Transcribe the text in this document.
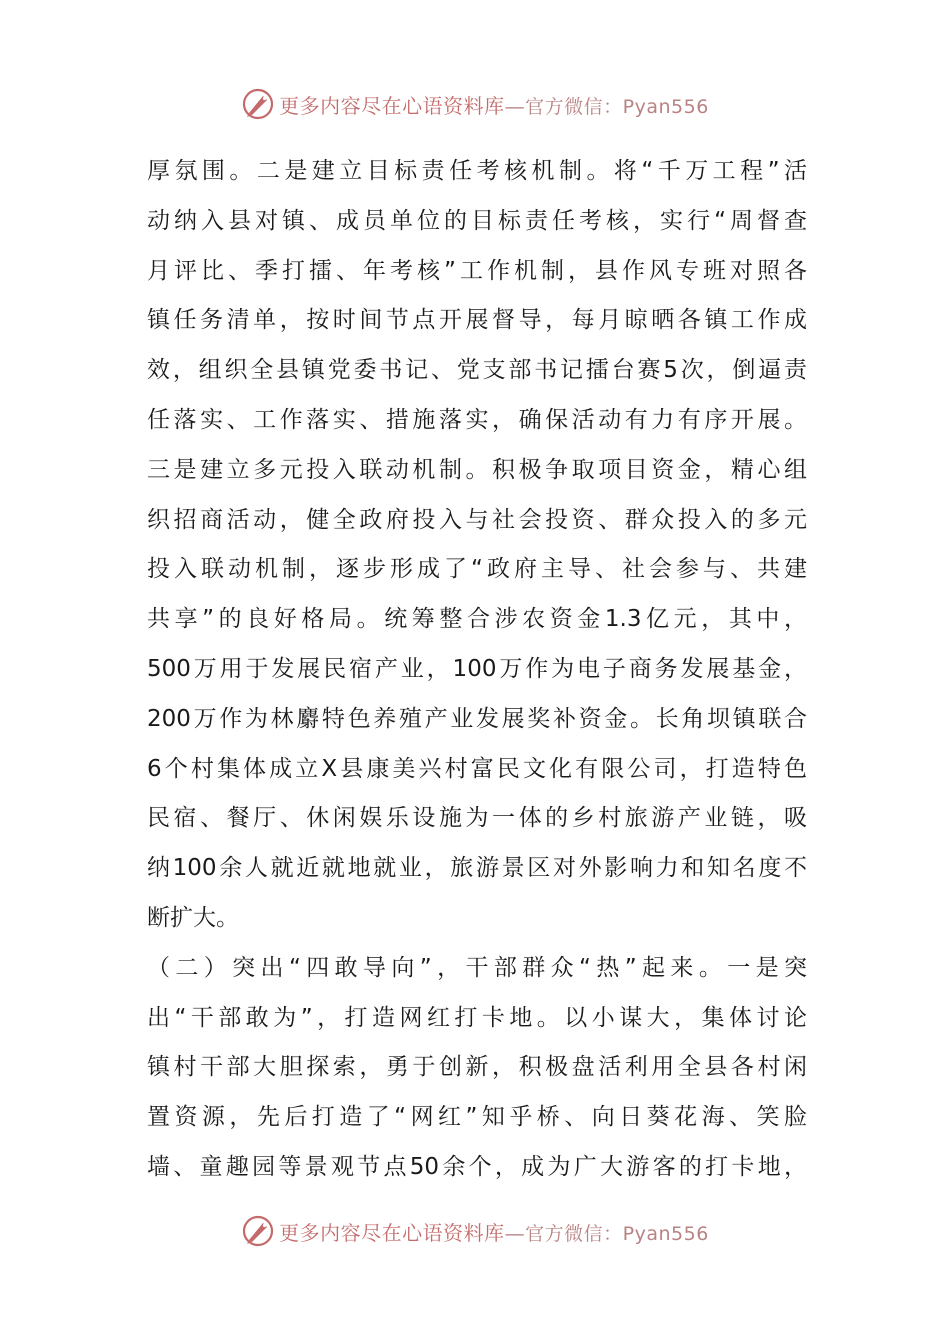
更多内容尽在心语资料库—官方微信：Pyan556
厚氛围。二是建立目标责任考核机制。将“千万工程”活
动纳入县对镇、成员单位的目标责任考核，实行“周督查
月评比、季打擂、年考核”工作机制，县作风专班对照各
镇任务清单，按时间节点开展督导，每月晾晒各镇工作成
效，组织全县镇党委书记、党支部书记擂台赛5次，倒逼责
任落实、工作落实、措施落实，确保活动有力有序开展。
三是建立多元投入联动机制。积极争取项目资金，精心组
织招商活动，健全政府投入与社会投资、群众投入的多元
投入联动机制，逐步形成了“政府主导、社会参与、共建
共享”的良好格局。统筹整合涉农资金1.3亿元，其中，
500万用于发展民宿产业，100万作为电子商务发展基金，
200万作为林麝特色养殖产业发展奖补资金。长角坝镇联合
6个村集体成立X县康美兴村富民文化有限公司，打造特色
民宿、餐厅、休闲娱乐设施为一体的乡村旅游产业链，吸
纳100余人就近就地就业，旅游景区对外影响力和知名度不
断扩大。
（二）突出“四敢导向”，干部群众“热”起来。一是突
出“干部敢为”，打造网红打卡地。以小谋大，集体讨论
镇村干部大胆探索，勇于创新，积极盘活利用全县各村闲
置资源，先后打造了“网红”知乎桥、向日葵花海、笑脸
墙、童趣园等景观节点50余个，成为广大游客的打卡地，
更多内容尽在心语资料库—官方微信：Pyan556
